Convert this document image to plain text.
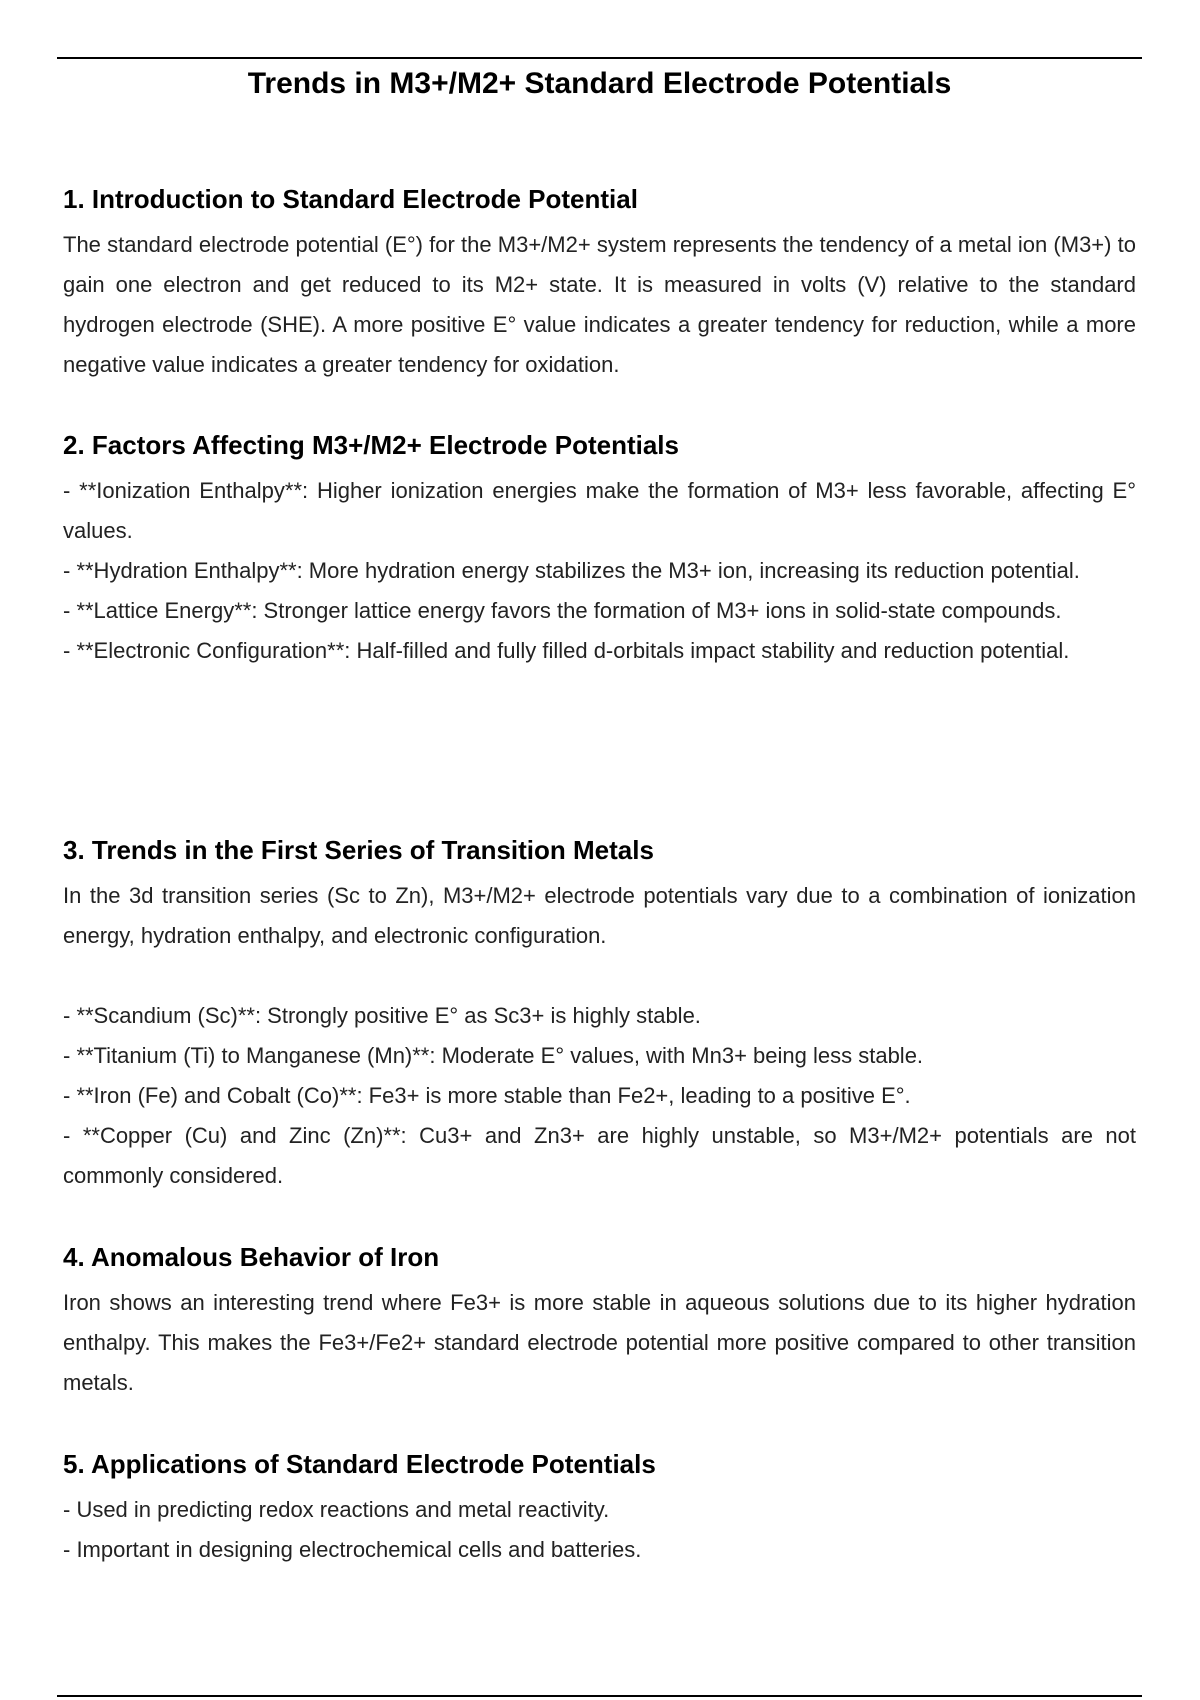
Trends in M3+/M2+ Standard Electrode Potentials
1. Introduction to Standard Electrode Potential

The standard electrode potential (E°) for the M3+/M2+ system represents the tendency of a metal ion (M3+) to gain one electron and get reduced to its M2+ state. It is measured in volts (V) relative to the standard hydrogen electrode (SHE). A more positive E° value indicates a greater tendency for reduction, while a more negative value indicates a greater tendency for oxidation.

2. Factors Affecting M3+/M2+ Electrode Potentials

- **Ionization Enthalpy**: Higher ionization energies make the formation of M3+ less favorable, affecting E° values.

- **Hydration Enthalpy**: More hydration energy stabilizes the M3+ ion, increasing its reduction potential.

- **Lattice Energy**: Stronger lattice energy favors the formation of M3+ ions in solid-state compounds.

- **Electronic Configuration**: Half-filled and fully filled d-orbitals impact stability and reduction potential.

3. Trends in the First Series of Transition Metals

In the 3d transition series (Sc to Zn), M3+/M2+ electrode potentials vary due to a combination of ionization energy, hydration enthalpy, and electronic configuration.

- **Scandium (Sc)**: Strongly positive E° as Sc3+ is highly stable.

- **Titanium (Ti) to Manganese (Mn)**: Moderate E° values, with Mn3+ being less stable.

- **Iron (Fe) and Cobalt (Co)**: Fe3+ is more stable than Fe2+, leading to a positive E°.

- **Copper (Cu) and Zinc (Zn)**: Cu3+ and Zn3+ are highly unstable, so M3+/M2+ potentials are not commonly considered.

4. Anomalous Behavior of Iron

Iron shows an interesting trend where Fe3+ is more stable in aqueous solutions due to its higher hydration enthalpy. This makes the Fe3+/Fe2+ standard electrode potential more positive compared to other transition metals.

5. Applications of Standard Electrode Potentials

- Used in predicting redox reactions and metal reactivity.

- Important in designing electrochemical cells and batteries.
